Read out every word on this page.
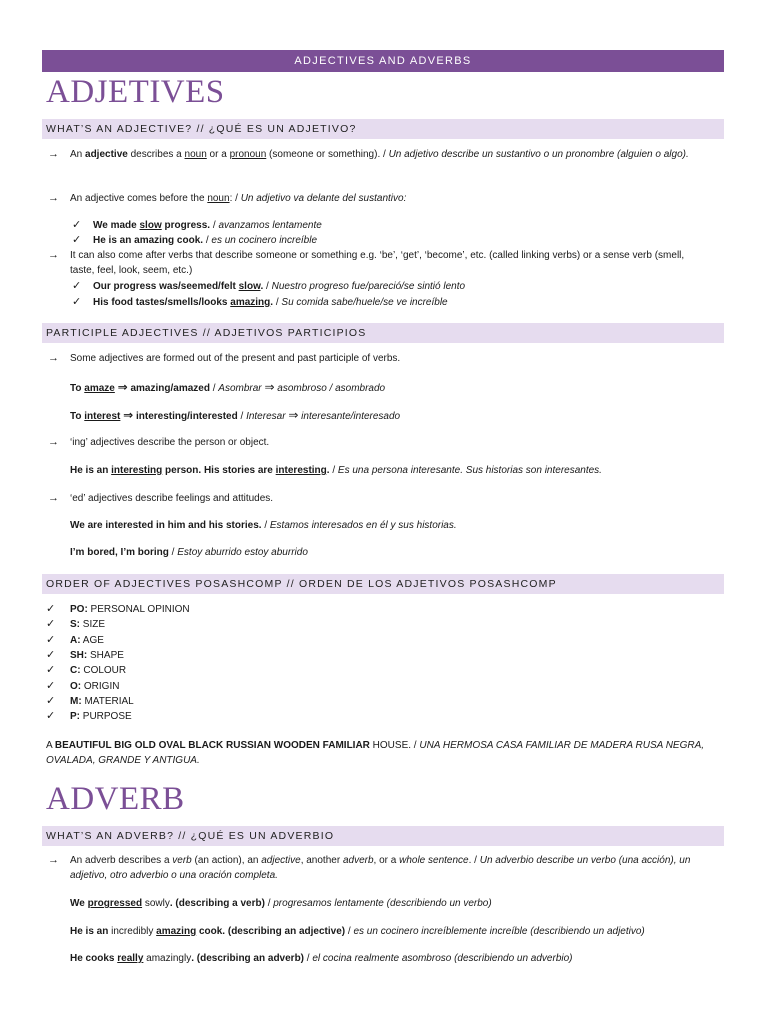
ADJECTIVES AND ADVERBS
ADJETIVES
WHAT’S AN ADJECTIVE? // ¿QUÉ ES UN ADJETIVO?
→ An adjective describes a noun or a pronoun (someone or something). / Un adjetivo describe un sustantivo o un pronombre (alguien o algo).
→ An adjective comes before the noun: / Un adjetivo va delante del sustantivo:
✓ We made slow progress. / avanzamos lentamente
✓ He is an amazing cook. / es un cocinero increíble
→ It can also come after verbs that describe someone or something e.g. ‘be’, ‘get’, ‘become’, etc. (called linking verbs) or a sense verb (smell, taste, feel, look, seem, etc.)
✓ Our progress was/seemed/felt slow. / Nuestro progreso fue/pareció/se sintió lento
✓ His food tastes/smells/looks amazing. / Su comida sabe/huele/se ve increíble
PARTICIPLE ADJECTIVES // ADJETIVOS PARTICIPIOS
→ Some adjectives are formed out of the present and past participle of verbs.
To amaze ⇒ amazing/amazed / Asombrar ⇒ asombroso / asombrado
To interest ⇒ interesting/interested / Interesar ⇒ interesante/interesado
→ ‘ing’ adjectives describe the person or object.
He is an interesting person. His stories are interesting. / Es una persona interesante. Sus historias son interesantes.
→ ‘ed’ adjectives describe feelings and attitudes.
We are interested in him and his stories. / Estamos interesados en él y sus historias.
I’m bored, I’m boring / Estoy aburrido estoy aburrido
ORDER OF ADJECTIVES POSASHCOMP // ORDEN DE LOS ADJETIVOS POSASHCOMP
✓ PO: PERSONAL OPINION
✓ S: SIZE
✓ A: AGE
✓ SH: SHAPE
✓ C: COLOUR
✓ O: ORIGIN
✓ M: MATERIAL
✓ P: PURPOSE
A BEAUTIFUL BIG OLD OVAL BLACK RUSSIAN WOODEN FAMILIAR HOUSE. / UNA HERMOSA CASA FAMILIAR DE MADERA RUSA NEGRA, OVALADA, GRANDE Y ANTIGUA.
ADVERB
WHAT’S AN ADVERB? // ¿QUÉ ES UN ADVERBIO
→ An adverb describes a verb (an action), an adjective, another adverb, or a whole sentence. / Un adverbio describe un verbo (una acción), un adjetivo, otro adverbio o una oración completa.
We progressed sowly. (describing a verb) / progresamos lentamente (describiendo un verbo)
He is an incredibly amazing cook. (describing an adjective) / es un cocinero increíblemente increíble (describiendo un adjetivo)
He cooks really amazingly. (describing an adverb) / el cocina realmente asombroso (describiendo un adverbio)
